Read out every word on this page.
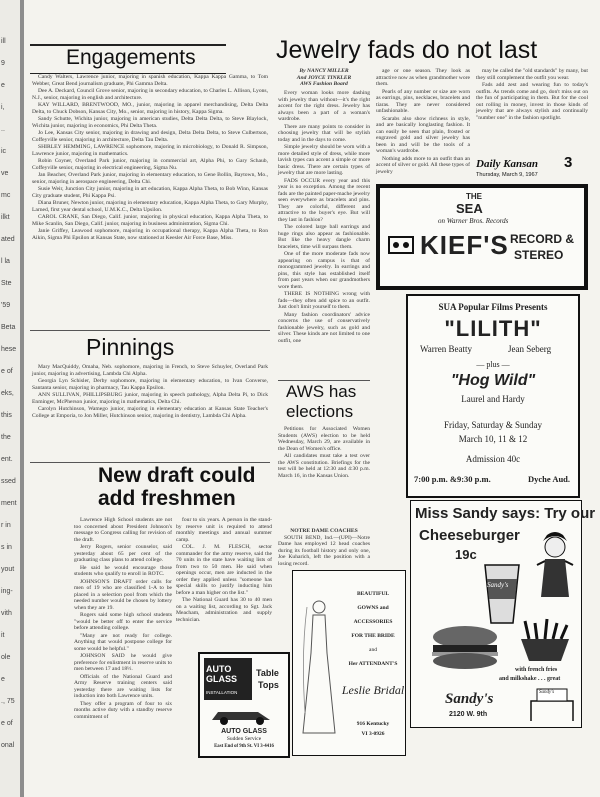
ill
9
e
i,
..
ic
ve
mc
ilkt
ated
l la
Ste
'59
Beta
hese
e of
eks,
this
the
ent.
ssed
ment
r in
s in
yout
ing-
vith
it
ole
e
., 75
e of
onal
Engagements

Candy Walters, Lawrence junior, majoring in spanish education, Kappa Kappa Gamma, to Tom Webber, Great Bend journalism graduate, Phi Gamma Delta.

Dee A. Deckard, Council Grove senior, majoring in secondary education, to Charles L. Allison, Lyons, N.J., senior, majoring in english and architecture.

KAY WILLARD, BRENTWOOD, MO., junior, majoring in apparel merchandising, Delta Delta Delta, to Chuck Dobson, Kansas City, Mo., senior, majoring in history, Kappa Sigma.

Sandy Schutte, Wichita junior, majoring in american studies, Delta Delta Delta, to Steve Blaylock, Wichita junior, majoring in economics, Phi Delta Theta.

Jo Lee, Kansas City senior, majoring in drawing and design, Delta Delta Delta, to Steve Culbertson, Coffeyville senior, majoring in architecture, Delta Tau Delta.

SHIRLEY HEMMING, LAWRENCE sophomore, majoring in microbiology, to Donald R. Simpson, Lawrence junior, majoring in mathematics.

Robin Coyner, Overland Park junior, majoring in commercial art, Alpha Phi, to Gary Schaub, Coffeyville senior, majoring in electrical engineering, Sigma Nu.

Jan Beacher, Overland Park junior, majoring in elementary education, to Gene Bollin, Baytown, Mo., senior, majoring in aerospace engineering, Delta Chi.

Susie Weir, Junction City junior, majoring in art education, Kappa Alpha Theta, to Bob Winn, Kansas City graduate student, Phi Kappa Psi.

Diana Bruner, Newton junior, majoring in elementary education, Kappa Alpha Theta, to Gary Murphy, Larned, first year dental school, U.M.K.C., Delta Upsilon.

CAROL CRANE, San Diego, Calif. junior, majoring in physical education, Kappa Alpha Theta, to Mike Scanlin, San Diego, Calif. junior, majoring in business administration, Sigma Chi.

Janie Griffey, Leawood sophomore, majoring in occupational therapy, Kappa Alpha Theta, to Ron Aikin, Sigma Phi Epsilon at Kansas State, now stationed at Keesler Air Force Base, Miss.

Pinnings

Mary MacQuiddy, Omaha, Neb. sophomore, majoring in French, to Steve Schuyler, Overland Park junior, majoring in advertising, Lambda Chi Alpha.

Georgia Lyn Schisler, Derby sophomore, majoring in elementary education, to Ivan Converse, Santanta senior, majoring in pharmacy, Tau Kappa Epsilon.

ANN SULLIVAN, PHILLIPSBURG junior, majoring in speech pathology, Alpha Delta Pi, to Dick Enminger, McPherson junior, majoring in mathematics, Delta Chi.

Carolyn Hutchinson, Wamego junior, majoring in elementary education at Kansas State Teacher's College at Emporia, to Jon Miller, Hutchinson senior, majoring in dentistry, Lambda Chi Alpha.

New draft could
add freshmen

Lawrence High School students are not too concerned about President Johnson's message to Congress calling for revision of the draft.

Jerry Rogers, senior counselor, said yesterday about 65 per cent of the graduating class plans to attend college.

He said he would encourage those students who qualify to enroll in ROTC.

JOHNSON'S DRAFT order calls for men of 19 who are classified 1-A to be placed in a selection pool from which the needed number would be chosen by lottery when they are 19.

Rogers said some high school students "would be better off to enter the service before attending college.

"Many are not ready for college. Anything that would postpone college for some would be helpful."

JOHNSON SAID he would give preference for enlistment in reserve units to men between 17 and 18½.

Officials of the National Guard and Army Reserve training centers said yesterday there are waiting lists for induction into both Lawrence units.

They offer a program of four to six months active duty with a standby reserve commitment of

four to six years. A person in the stand-by reserve unit is required to attend monthly meetings and annual summer camp.

COL. J. M. FLESCH, sector commander for the army reserve, said the 70 units in the state have waiting lists of from two to 50 men. He said when openings occur, men are inducted in the order they applied unless "someone has special skills to justify inducting him before a man higher on the list."

The National Guard has 30 to 40 men on a waiting list, according to Sgt. Jack Meacham, administration and supply technician.

Jewelry fads do not last
By NANCY MILLER
And JOYCE TINKLER
AWS Fashion Board

Every woman looks more dashing with jewelry than without—it's the right accent for the right dress. Jewelry has always been a part of a woman's wardrobe.

There are many points to consider in choosing jewelry that will be stylish today and in the days to come.

Simple jewelry should be worn with a more detailed style of dress, while more lavish types can accent a simple or more basic dress. There are certain types of jewelry that are more lasting.

FADS OCCUR every year and this year is no exception. Among the recent fads are the painted paper-mache jewelry seen everywhere as bracelets and pins. They are colorful, different and attractive to the buyer's eye. But will they last in fashion?

The colored large ball earrings and huge rings also appear as fashionable. But like the heavy dangle charm bracelets, time will surpass them.

One of the more moderate fads now appearing on campus is that of monogrammed jewelry. In earrings and pins, this style has established itself from past years when our grandmothers wore them.

THERE IS NOTHING wrong with fads—they often add spice to an outfit. Just don't limit yourself to them.

Many fashion coordinators' advice concerns the use of conservatively fashionable jewelry, such as gold and silver. These kinds are not limited to one outfit, one

age or one season. They look as attractive now as when grandmother wore them.

Pearls of any number or size are worn as earrings, pins, necklaces, bracelets and tiaras. They are never considered unfashionable.

Scarabs also show richness in style, and are basically longlasting fashion. It can easily be seen that plain, frosted or engraved gold and silver jewelry has been in and will be the tools of a woman's wardrobe.

Nothing adds more to an outfit than an accent of silver or gold. All these types of jewelry

may be called the "old standards" by many, but they still complement the outfit you wear.

Fads add zest and wearing fun to today's outfits. As trends come and go, don't miss out on the fun of participating in them. But for the cool out rolling in money, invest in those kinds of jewelry that are always stylish and continually "number one" in the fashion spotlight.

Daily Kansan 3
Thursday, March 9, 1967
THE
SEA
on Warner Bros. Records
KIEF'S RECORD &
STEREO
SUA Popular Films Presents
"LILITH"
Warren Beatty	Jean Seberg
— plus —
"Hog Wild"
Laurel and Hardy
Friday, Saturday & Sunday
March 10, 11 & 12
Admission 40c
7:00 p.m. &9:30 p.m.	Dyche Aud.
AWS has
elections

Petitions for Associated Women Students (AWS) election to be held Wednesday, March 29, are available in the Dean of Women's office.

All candidates must take a test over the AWS constitution. Briefings for the test will be held at 12:30 and 4:30 p.m. March 16, in the Kansas Union.

NOTRE DAME COACHES

SOUTH BEND, Ind.—(UPI)—Notre Dame has employed 12 head coaches during its football history and only one, Joe Kuharich, left the position with a losing record.

AUTO GLASS
INSTALLATION
Table
Tops
AUTO GLASS
Sudden Service
East End of 9th St. VI 3-4416
BEAUTIFUL
GOWNS and
ACCESSORIES
FOR THE BRIDE
and
Her ATTENDANT'S
Leslie Bridal
916 Kentucky
VI 3-0926
Miss Sandy says: Try our
Cheeseburger
19c
Sandy's
with french fries
and milkshake . . . great
Sandy's
2120 W. 9th
Sandy's
